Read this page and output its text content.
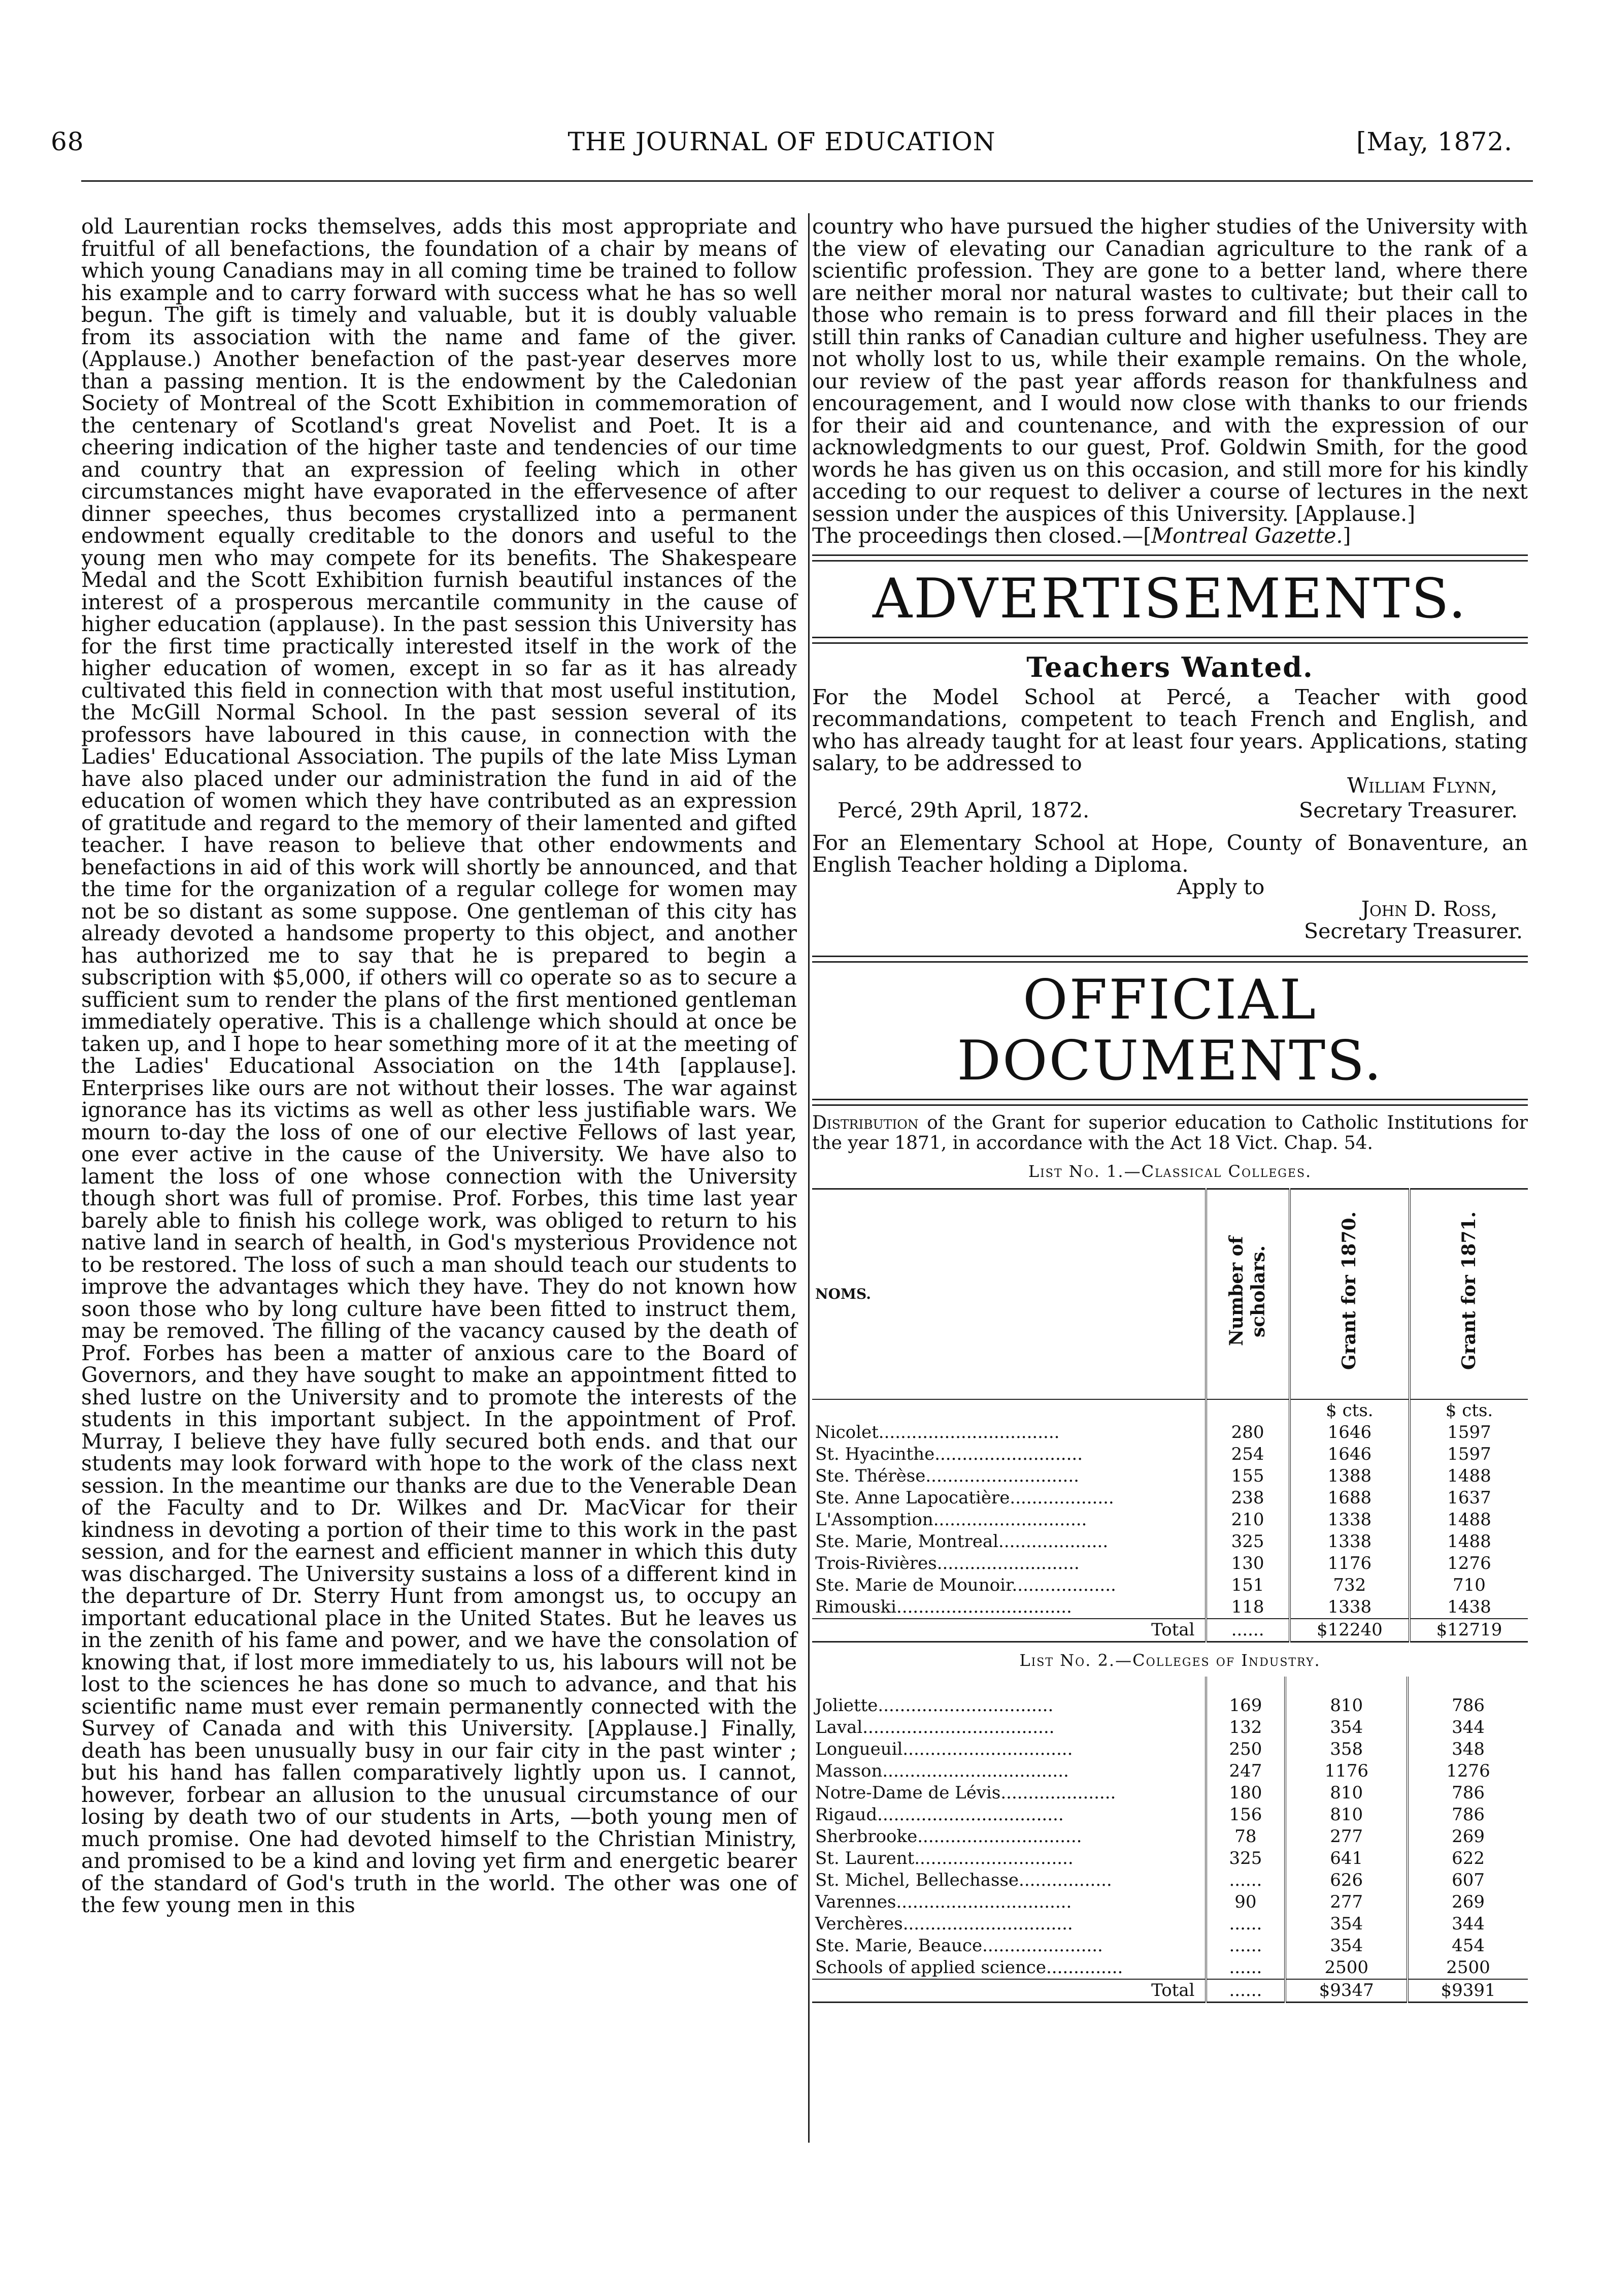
68	THE JOURNAL OF EDUCATION	[May, 1872.

old Laurentian rocks themselves, adds this most appropriate and fruitful of all benefactions, the foundation of a chair by means of which young Canadians may in all coming time be trained to follow his example and to carry forward with success what he has so well begun. The gift is timely and valuable, but it is doubly valuable from its association with the name and fame of the giver. (Applause.) Another benefaction of the past-year deserves more than a passing mention. It is the endowment by the Caledonian Society of Montreal of the Scott Exhibition in commemoration of the centenary of Scotland's great Novelist and Poet. It is a cheering indication of the higher taste and tendencies of our time and country that an expression of feeling which in other circumstances might have evaporated in the effervesence of after dinner speeches, thus becomes crystallized into a permanent endowment equally creditable to the donors and useful to the young men who may compete for its benefits. The Shakespeare Medal and the Scott Exhibition furnish beautiful instances of the interest of a prosperous mercantile community in the cause of higher education (applause). In the past session this University has for the first time practically interested itself in the work of the higher education of women, except in so far as it has already cultivated this field in connection with that most useful institution, the McGill Normal School. In the past session several of its professors have laboured in this cause, in connection with the Ladies' Educational Association. The pupils of the late Miss Lyman have also placed under our administration the fund in aid of the education of women which they have contributed as an expression of gratitude and regard to the memory of their lamented and gifted teacher. I have reason to believe that other endowments and benefactions in aid of this work will shortly be announced, and that the time for the organization of a regular college for women may not be so distant as some suppose. One gentleman of this city has already devoted a handsome property to this object, and another has authorized me to say that he is prepared to begin a subscription with $5,000, if others will co operate so as to secure a sufficient sum to render the plans of the first mentioned gentleman immediately operative. This is a challenge which should at once be taken up, and I hope to hear something more of it at the meeting of the Ladies' Educational Association on the 14th [applause]. Enterprises like ours are not without their losses. The war against ignorance has its victims as well as other less justifiable wars. We mourn to-day the loss of one of our elective Fellows of last year, one ever active in the cause of the University. We have also to lament the loss of one whose connection with the University though short was full of promise. Prof. Forbes, this time last year barely able to finish his college work, was obliged to return to his native land in search of health, in God's mysterious Providence not to be restored. The loss of such a man should teach our students to improve the advantages which they have. They do not known how soon those who by long culture have been fitted to instruct them, may be removed. The filling of the vacancy caused by the death of Prof. Forbes has been a matter of anxious care to the Board of Governors, and they have sought to make an appointment fitted to shed lustre on the University and to promote the interests of the students in this important subject. In the appointment of Prof. Murray, I believe they have fully secured both ends. and that our students may look forward with hope to the work of the class next session. In the meantime our thanks are due to the Venerable Dean of the Faculty and to Dr. Wilkes and Dr. MacVicar for their kindness in devoting a portion of their time to this work in the past session, and for the earnest and efficient manner in which this duty was discharged. The University sustains a loss of a different kind in the departure of Dr. Sterry Hunt from amongst us, to occupy an important educational place in the United States. But he leaves us in the zenith of his fame and power, and we have the consolation of knowing that, if lost more immediately to us, his labours will not be lost to the sciences he has done so much to advance, and that his scientific name must ever remain permanently connected with the Survey of Canada and with this University. [Applause.] Finally, death has been unusually busy in our fair city in the past winter ; but his hand has fallen comparatively lightly upon us. I cannot, however, forbear an allusion to the unusual circumstance of our losing by death two of our students in Arts, —both young men of much promise. One had devoted himself to the Christian Ministry, and promised to be a kind and loving yet firm and energetic bearer of the standard of God's truth in the world. The other was one of the few young men in this

country who have pursued the higher studies of the University with the view of elevating our Canadian agriculture to the rank of a scientific profession. They are gone to a better land, where there are neither moral nor natural wastes to cultivate; but their call to those who remain is to press forward and fill their places in the still thin ranks of Canadian culture and higher usefulness. They are not wholly lost to us, while their example remains. On the whole, our review of the past year affords reason for thankfulness and encouragement, and I would now close with thanks to our friends for their aid and countenance, and with the expression of our acknowledgments to our guest, Prof. Goldwin Smith, for the good words he has given us on this occasion, and still more for his kindly acceding to our request to deliver a course of lectures in the next session under the auspices of this University. [Applause.]

The proceedings then closed.—[Montreal Gazette.]

ADVERTISEMENTS.
Teachers Wanted.

For the Model School at Percé, a Teacher with good recommandations, competent to teach French and English, and who has already taught for at least four years. Applications, stating salary, to be addressed to

William Flynn,
Percé, 29th April, 1872.	Secretary Treasurer.

For an Elementary School at Hope, County of Bonaventure, an English Teacher holding a Diploma.

Apply to
John D. Ross,
Secretary Treasurer.
OFFICIAL DOCUMENTS.

Distribution of the Grant for superior education to Catholic Institutions for the year 1871, in accordance with the Act 18 Vict. Chap. 54.

List No. 1.—Classical Colleges.
NOMS.	Number of scholars.	Grant for 1870.	Grant for 1871.
		$ cts.	$ cts.
Nicolet.................................	280	1646	1597
St. Hyacinthe...........................	254	1646	1597
Ste. Thérèse............................	155	1388	1488
Ste. Anne Lapocatière...................	238	1688	1637
L'Assomption............................	210	1338	1488
Ste. Marie, Montreal....................	325	1338	1488
Trois-Rivières..........................	130	1176	1276
Ste. Marie de Mounoir...................	151	732	710
Rimouski................................	118	1338	1438
Total	......	$12240	$12719
List No. 2.—Colleges of Industry.

Joliette................................	169	810	786
Laval...................................	132	354	344
Longueuil...............................	250	358	348
Masson..................................	247	1176	1276
Notre-Dame de Lévis.....................	180	810	786
Rigaud..................................	156	810	786
Sherbrooke..............................	78	277	269
St. Laurent.............................	325	641	622
St. Michel, Bellechasse.................	......	626	607
Varennes................................	90	277	269
Verchères...............................	......	354	344
Ste. Marie, Beauce......................	......	354	454
Schools of applied science..............	......	2500	2500
Total	......	$9347	$9391
